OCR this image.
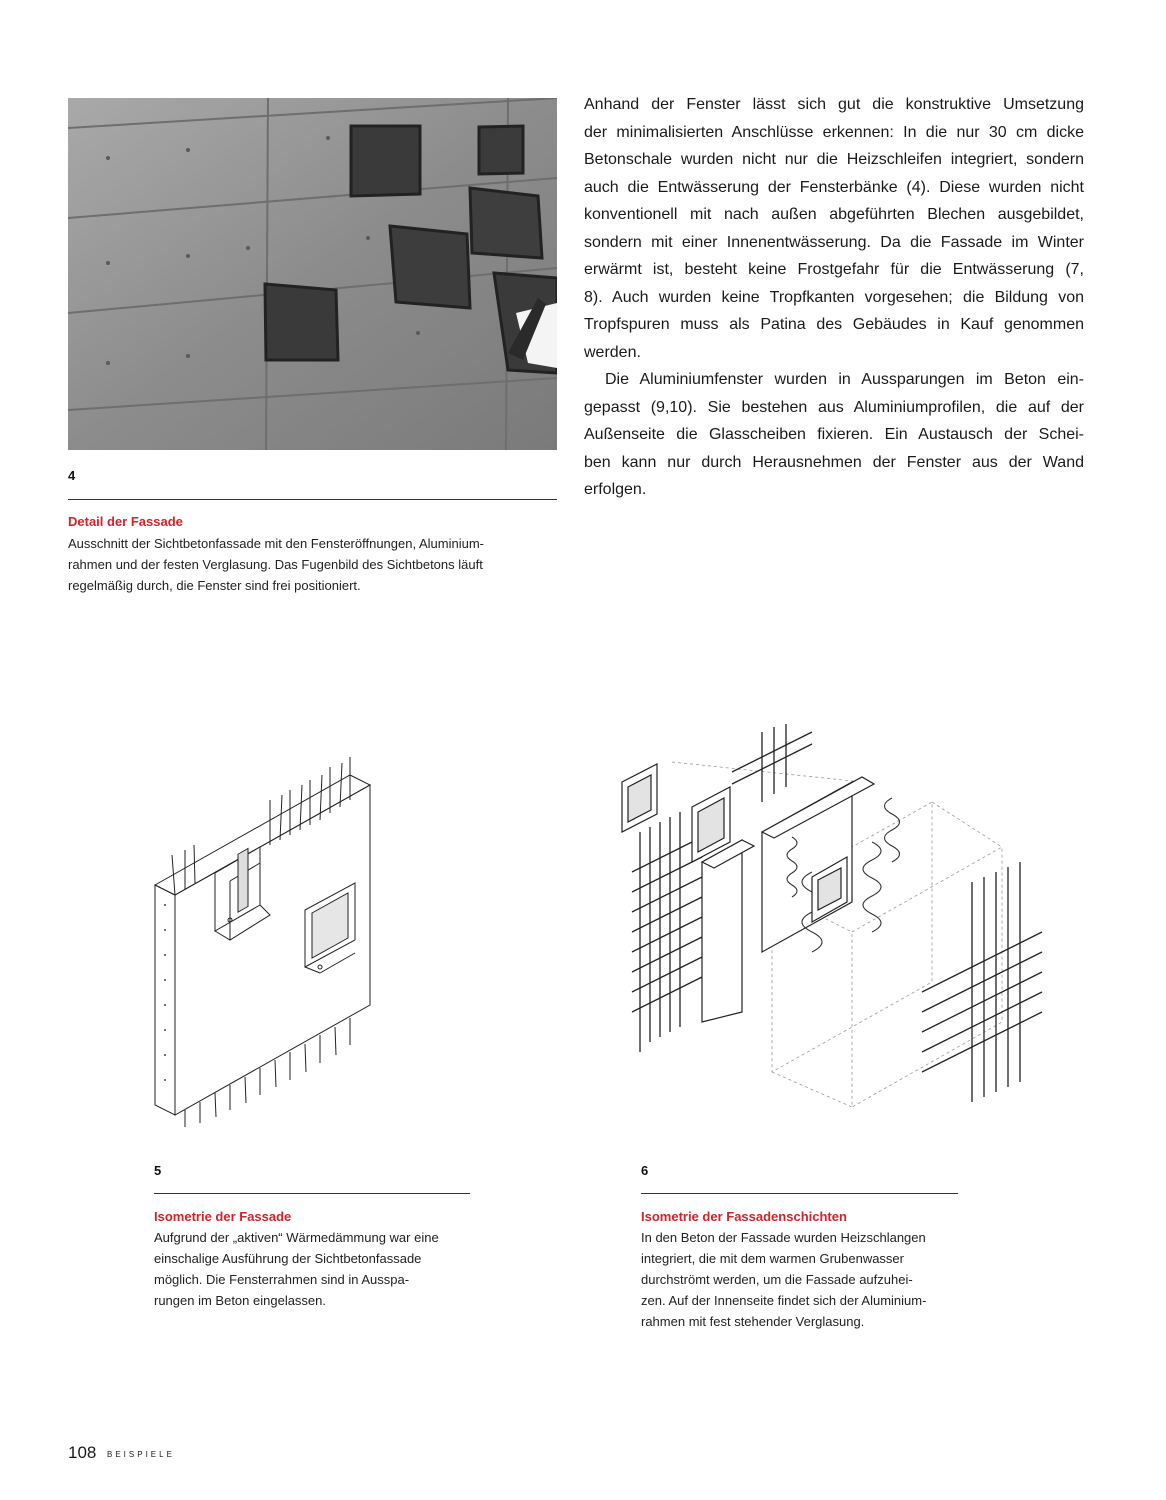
4
Detail der Fassade
Ausschnitt der Sichtbetonfassade mit den Fensteröffnungen, Aluminium-
rahmen und der festen Verglasung. Das Fugenbild des Sichtbetons läuft
regelmäßig durch, die Fenster sind frei positioniert.
Anhand der Fenster lässt sich gut die konstruktive Umsetzung
der minimalisierten Anschlüsse erkennen: In die nur 30 cm dicke
Betonschale wurden nicht nur die Heizschleifen integriert, sondern
auch die Entwässerung der Fensterbänke (4). Diese wurden nicht
konventionell mit nach außen abgeführten Blechen ausgebildet,
sondern mit einer Innenentwässerung. Da die Fassade im Winter
erwärmt ist, besteht keine Frostgefahr für die Entwässerung (7,
8). Auch wurden keine Tropfkanten vorgesehen; die Bildung von
Tropfspuren muss als Patina des Gebäudes in Kauf genommen
werden.
Die Aluminiumfenster wurden in Aussparungen im Beton ein-
gepasst (9,10). Sie bestehen aus Aluminiumprofilen, die auf der
Außenseite die Glasscheiben fixieren. Ein Austausch der Schei-
ben kann nur durch Herausnehmen der Fenster aus der Wand
erfolgen.
5
Isometrie der Fassade
Aufgrund der „aktiven“ Wärmedämmung war eine
einschalige Ausführung der Sichtbetonfassade
möglich. Die Fensterrahmen sind in Ausspa-
rungen im Beton eingelassen.
6
Isometrie der Fassadenschichten
In den Beton der Fassade wurden Heizschlangen
integriert, die mit dem warmen Grubenwasser
durchströmt werden, um die Fassade aufzuhei-
zen. Auf der Innenseite findet sich der Aluminium-
rahmen mit fest stehender Verglasung.
108 BEISPIELE
